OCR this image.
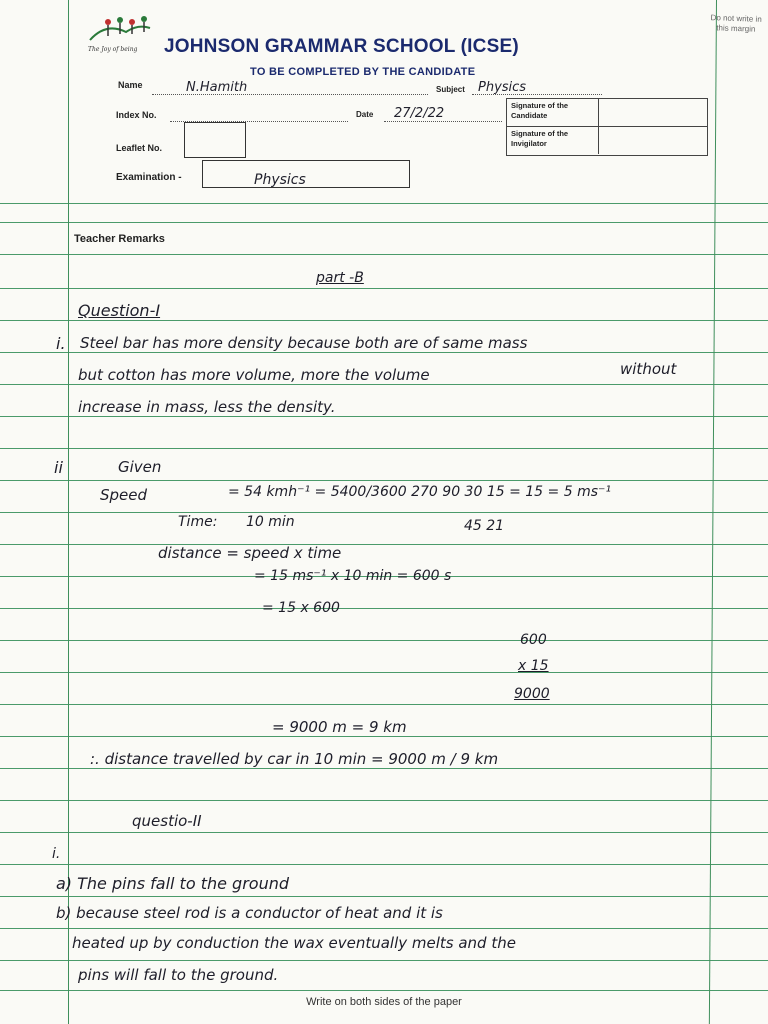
Do not write in this margin
The Joy of being JOHNSON GRAMMAR SCHOOL (ICSE)
TO BE COMPLETED BY THE CANDIDATE
Name	N.Hamith	Subject Physics
Index No.	Date 27/2/22
Leaflet No.
Examination -	Physics
Signature of the Candidate
Signature of the Invigilator
Teacher Remarks
part -B
Question-I
i. Steel bar has more density because both are of same mass
but cotton has more volume, more the volume	without
increase in mass, less the density.
ii	Given
Speed	= 54 kmh⁻¹ = 5400/3600 270 90 30 15 = 15 = 5 ms⁻¹
Time: 10 min	45 21
distance = speed x time
= 15 ms⁻¹ x 10 min = 600 s
= 15 x 600
600
x 15
9000
= 9000 m = 9 km
:. distance travelled by car in 10 min = 9000 m / 9 km
questio-II
i.
a) The pins fall to the ground
b) because steel rod is a conductor of heat and it is
heated up by conduction the wax eventually melts and the
pins will fall to the ground.
Write on both sides of the paper
